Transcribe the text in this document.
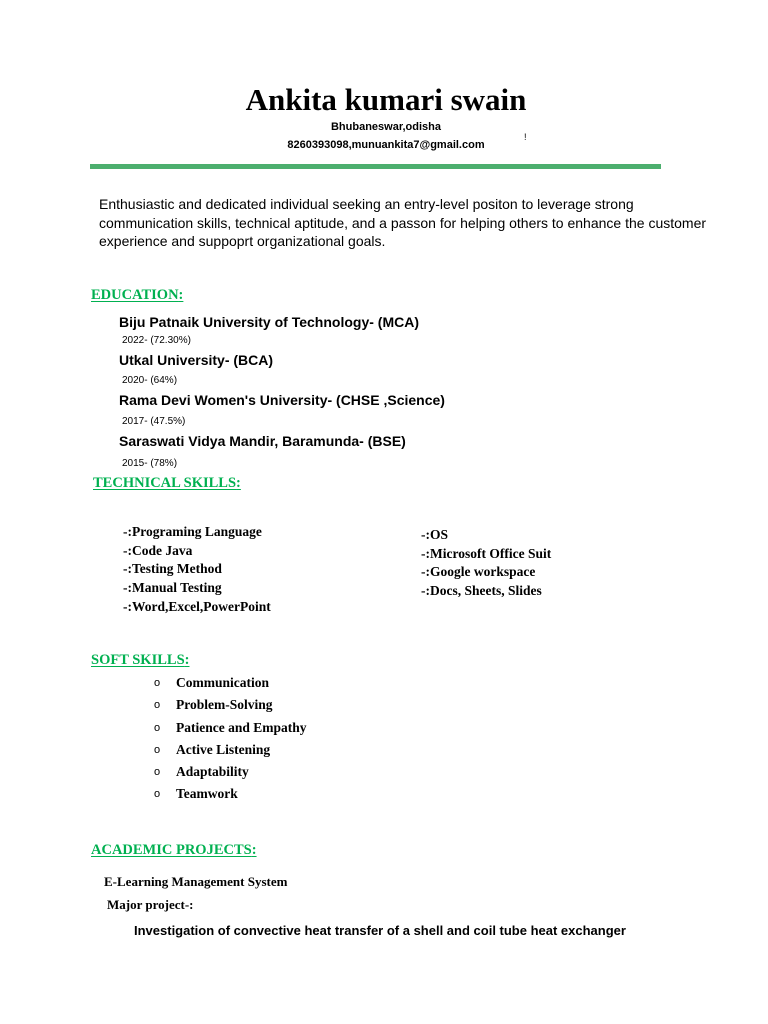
Ankita kumari swain
Bhubaneswar,odisha
8260393098,munuankita7@gmail.com
!
Enthusiastic and dedicated individual seeking an entry-level positon to leverage strong communication skills, technical aptitude, and a passon for helping others to enhance the customer experience and suppoprt organizational goals.
EDUCATION:
Biju Patnaik University of Technology- (MCA)
2022- (72.30%)
Utkal University- (BCA)
2020- (64%)
Rama Devi Women's University- (CHSE ,Science)
2017- (47.5%)
Saraswati Vidya Mandir, Baramunda- (BSE)
2015- (78%)
TECHNICAL SKILLS:
-:Programing Language
-:Code Java
-:Testing Method
-:Manual Testing
-:Word,Excel,PowerPoint
-:OS
-:Microsoft Office Suit
-:Google workspace
-:Docs, Sheets, Slides
SOFT SKILLS:
o Communication
o Problem-Solving
o Patience and Empathy
o Active Listening
o Adaptability
o Teamwork
ACADEMIC PROJECTS:
E-Learning Management System
Major project-:
Investigation of convective heat transfer of a shell and coil tube heat exchanger
